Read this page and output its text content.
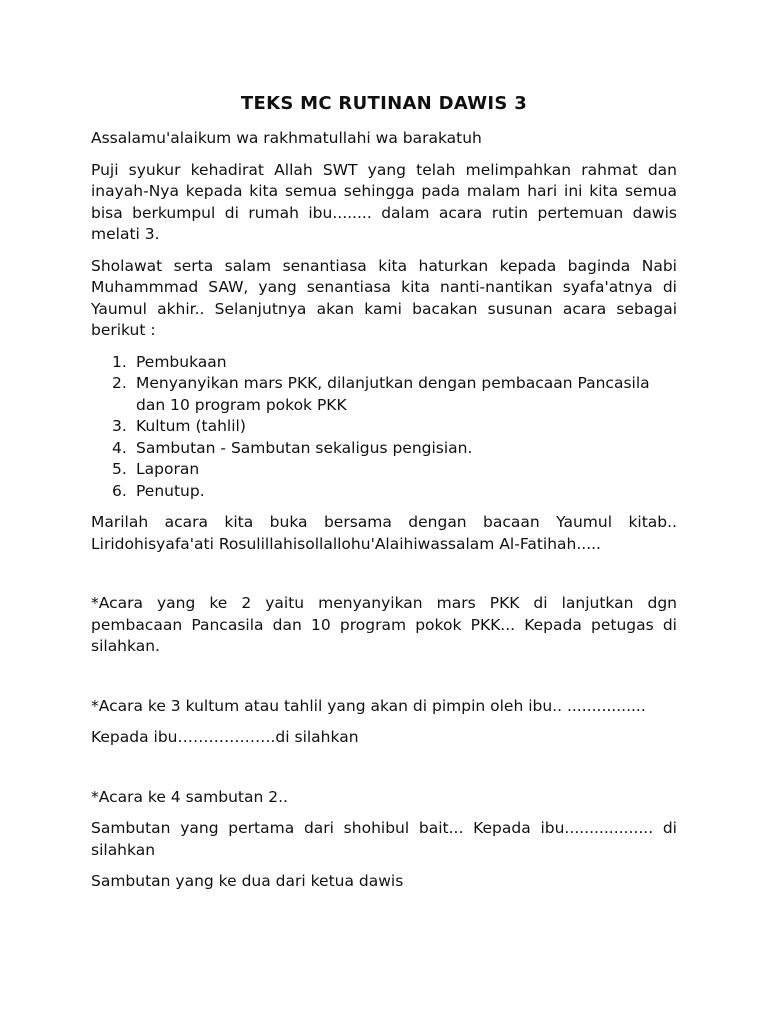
TEKS MC RUTINAN DAWIS 3

Assalamu'alaikum wa rakhmatullahi wa barakatuh

Puji syukur kehadirat Allah SWT yang telah melimpahkan rahmat dan inayah-Nya kepada kita semua sehingga pada malam hari ini kita semua bisa berkumpul di rumah ibu........ dalam acara rutin pertemuan dawis melati 3.

Sholawat serta salam senantiasa kita haturkan kepada baginda Nabi Muhammmad SAW, yang senantiasa kita nanti-nantikan syafa'atnya di Yaumul akhir.. Selanjutnya akan kami bacakan susunan acara sebagai berikut :

1. Pembukaan
2. Menyanyikan mars PKK, dilanjutkan dengan pembacaan Pancasila dan 10 program pokok PKK
3. Kultum (tahlil)
4. Sambutan - Sambutan sekaligus pengisian.
5. Laporan
6. Penutup.

Marilah acara kita buka bersama dengan bacaan Yaumul kitab.. Liridohisyafa'ati Rosulillahisollallohu'Alaihiwassalam Al-Fatihah.....

*Acara yang ke 2 yaitu menyanyikan mars PKK di lanjutkan dgn pembacaan Pancasila dan 10 program pokok PKK... Kepada petugas di silahkan.

*Acara ke 3 kultum atau tahlil yang akan di pimpin oleh ibu.. ................

Kepada ibu……………….di silahkan

*Acara ke 4 sambutan 2..

Sambutan yang pertama dari shohibul bait... Kepada ibu.................. di silahkan

Sambutan yang ke dua dari ketua dawis
